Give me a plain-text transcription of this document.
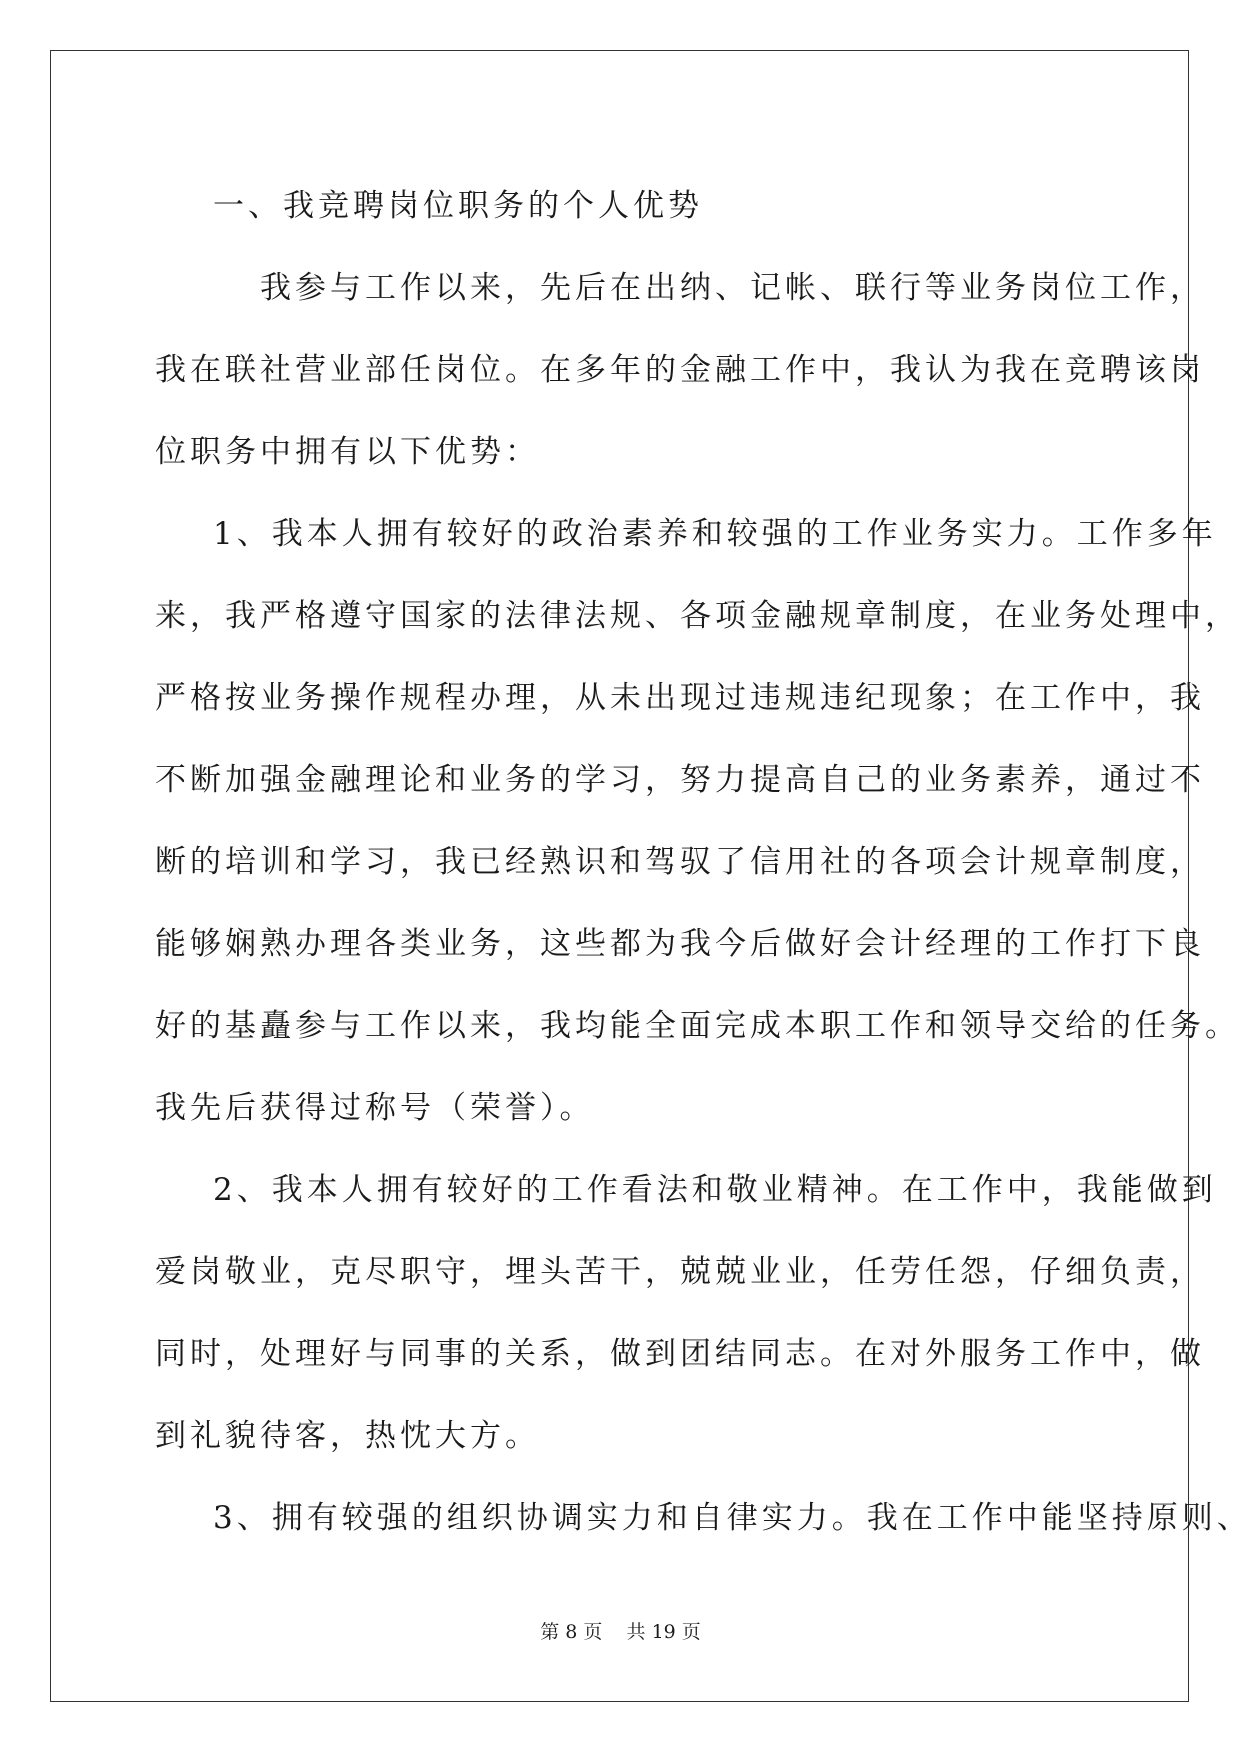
一、我竞聘岗位职务的个人优势
我参与工作以来，先后在出纳、记帐、联行等业务岗位工作，
我在联社营业部任岗位。在多年的金融工作中，我认为我在竞聘该岗
位职务中拥有以下优势：
1、我本人拥有较好的政治素养和较强的工作业务实力。工作多年
来，我严格遵守国家的法律法规、各项金融规章制度，在业务处理中，
严格按业务操作规程办理，从未出现过违规违纪现象；在工作中，我
不断加强金融理论和业务的学习，努力提高自己的业务素养，通过不
断的培训和学习，我已经熟识和驾驭了信用社的各项会计规章制度，
能够娴熟办理各类业务，这些都为我今后做好会计经理的工作打下良
好的基矗参与工作以来，我均能全面完成本职工作和领导交给的任务。
我先后获得过称号（荣誉）。
2、我本人拥有较好的工作看法和敬业精神。在工作中，我能做到
爱岗敬业，克尽职守，埋头苦干，兢兢业业，任劳任怨，仔细负责，
同时，处理好与同事的关系，做到团结同志。在对外服务工作中，做
到礼貌待客，热忱大方。
3、拥有较强的组织协调实力和自律实力。我在工作中能坚持原则、
第 8 页 共 19 页
